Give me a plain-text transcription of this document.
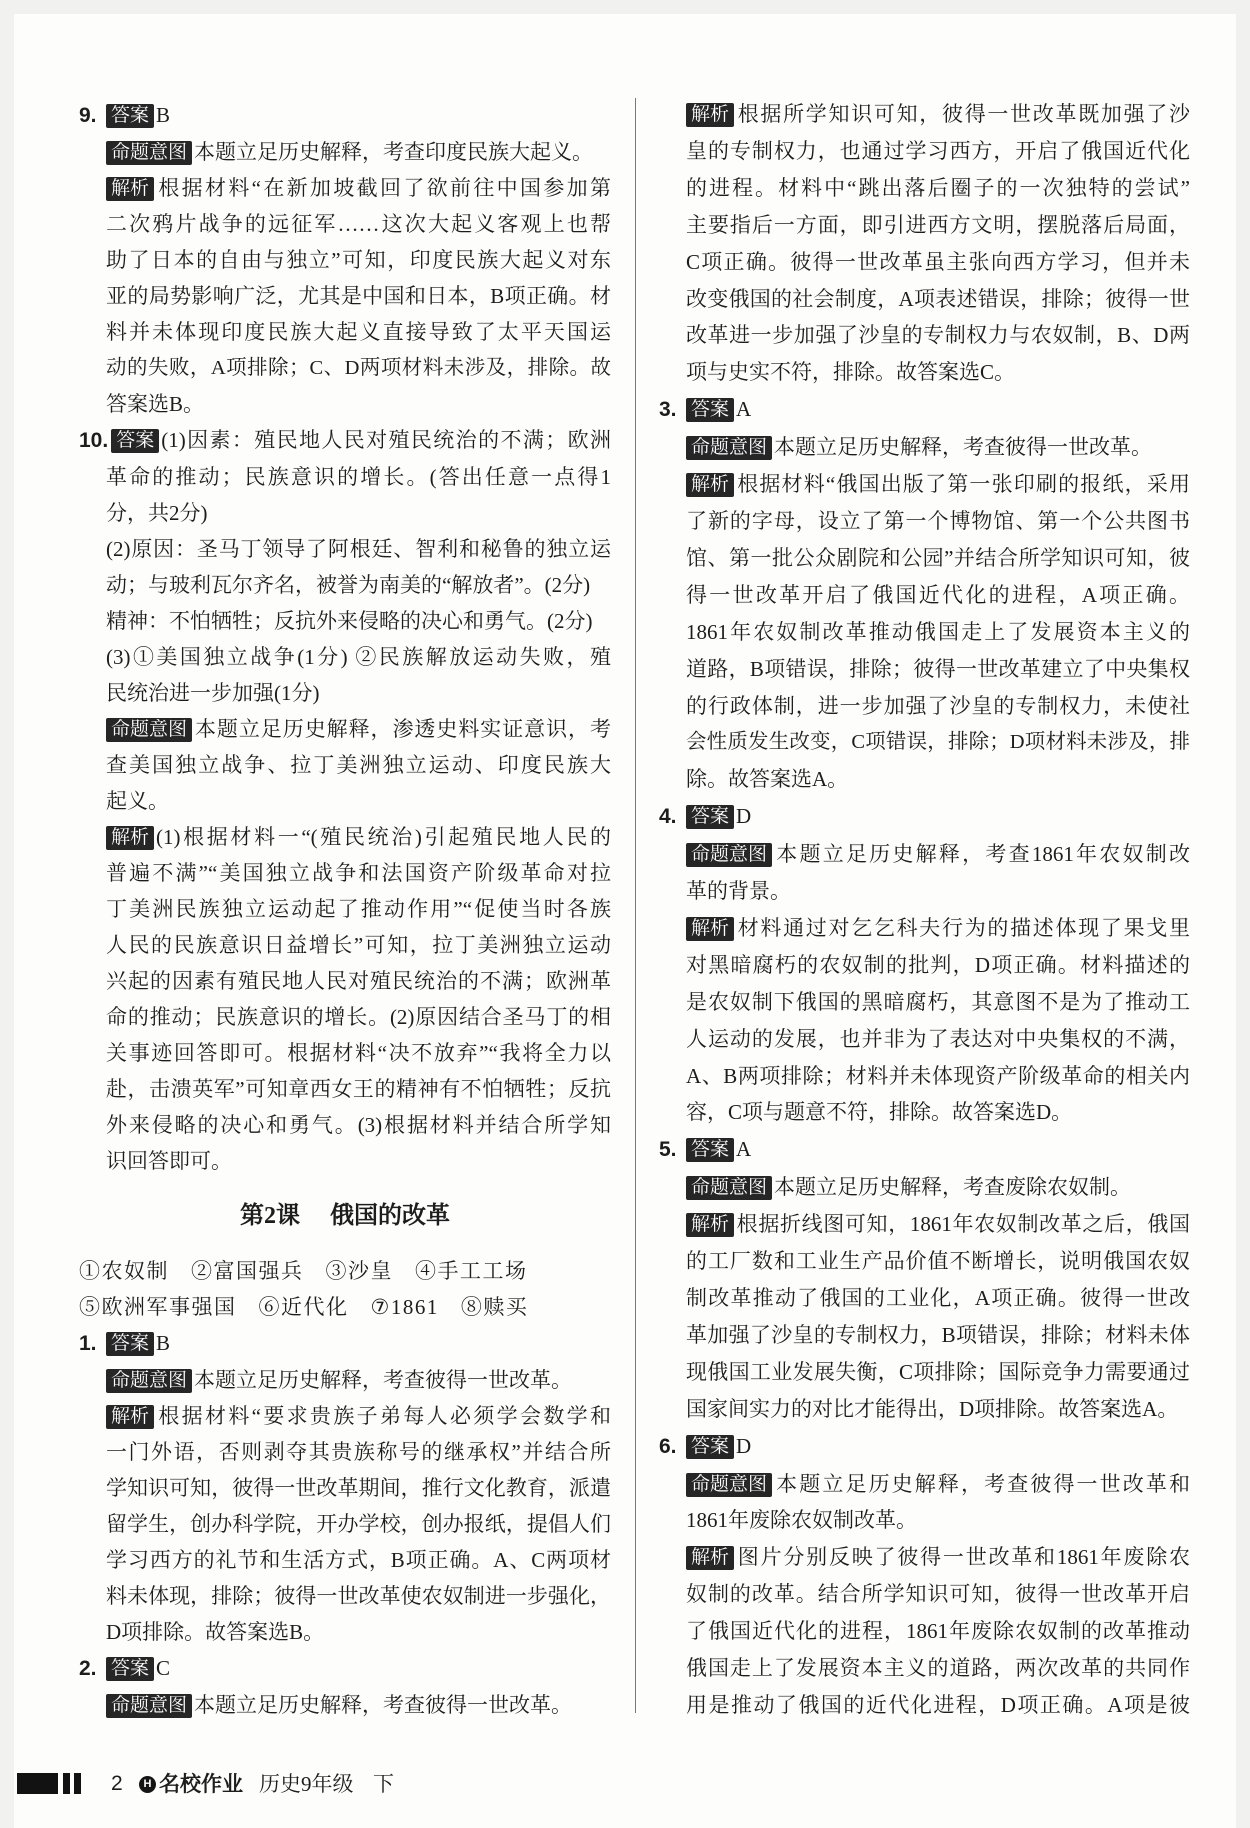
9. 答案 B
命题意图 本题立足历史解释，考查印度民族大起义。
解析 根据材料“在新加坡截回了欲前往中国参加第
二次鸦片战争的远征军……这次大起义客观上也帮
助了日本的自由与独立”可知，印度民族大起义对东
亚的局势影响广泛，尤其是中国和日本，B项正确。材
料并未体现印度民族大起义直接导致了太平天国运
动的失败，A项排除；C、D两项材料未涉及，排除。故
答案选B。
10. 答案 (1)因素：殖民地人民对殖民统治的不满；欧洲
革命的推动；民族意识的增长。(答出任意一点得1
分，共2分)
(2)原因：圣马丁领导了阿根廷、智利和秘鲁的独立运
动；与玻利瓦尔齐名，被誉为南美的“解放者”。(2分)
精神：不怕牺牲；反抗外来侵略的决心和勇气。(2分)
(3)①美国独立战争(1分) ②民族解放运动失败，殖
民统治进一步加强(1分)
命题意图 本题立足历史解释，渗透史料实证意识，考
查美国独立战争、拉丁美洲独立运动、印度民族大
起义。
解析 (1)根据材料一“(殖民统治)引起殖民地人民的
普遍不满”“美国独立战争和法国资产阶级革命对拉
丁美洲民族独立运动起了推动作用”“促使当时各族
人民的民族意识日益增长”可知，拉丁美洲独立运动
兴起的因素有殖民地人民对殖民统治的不满；欧洲革
命的推动；民族意识的增长。(2)原因结合圣马丁的相
关事迹回答即可。根据材料“决不放弃”“我将全力以
赴，击溃英军”可知章西女王的精神有不怕牺牲；反抗
外来侵略的决心和勇气。(3)根据材料并结合所学知
识回答即可。
第2课 俄国的改革
①农奴制 ②富国强兵 ③沙皇 ④手工工场
⑤欧洲军事强国 ⑥近代化 ⑦1861 ⑧赎买
1. 答案 B
命题意图 本题立足历史解释，考查彼得一世改革。
解析 根据材料“要求贵族子弟每人必须学会数学和
一门外语，否则剥夺其贵族称号的继承权”并结合所
学知识可知，彼得一世改革期间，推行文化教育，派遣
留学生，创办科学院，开办学校，创办报纸，提倡人们
学习西方的礼节和生活方式，B项正确。A、C两项材
料未体现，排除；彼得一世改革使农奴制进一步强化，
D项排除。故答案选B。
2. 答案 C
命题意图 本题立足历史解释，考查彼得一世改革。
解析 根据所学知识可知，彼得一世改革既加强了沙
皇的专制权力，也通过学习西方，开启了俄国近代化
的进程。材料中“跳出落后圈子的一次独特的尝试”
主要指后一方面，即引进西方文明，摆脱落后局面，
C项正确。彼得一世改革虽主张向西方学习，但并未
改变俄国的社会制度，A项表述错误，排除；彼得一世
改革进一步加强了沙皇的专制权力与农奴制，B、D两
项与史实不符，排除。故答案选C。
3. 答案 A
命题意图 本题立足历史解释，考查彼得一世改革。
解析 根据材料“俄国出版了第一张印刷的报纸，采用
了新的字母，设立了第一个博物馆、第一个公共图书
馆、第一批公众剧院和公园”并结合所学知识可知，彼
得一世改革开启了俄国近代化的进程，A项正确。
1861年农奴制改革推动俄国走上了发展资本主义的
道路，B项错误，排除；彼得一世改革建立了中央集权
的行政体制，进一步加强了沙皇的专制权力，未使社
会性质发生改变，C项错误，排除；D项材料未涉及，排
除。故答案选A。
4. 答案 D
命题意图 本题立足历史解释，考查1861年农奴制改
革的背景。
解析 材料通过对乞乞科夫行为的描述体现了果戈里
对黑暗腐朽的农奴制的批判，D项正确。材料描述的
是农奴制下俄国的黑暗腐朽，其意图不是为了推动工
人运动的发展，也并非为了表达对中央集权的不满，
A、B两项排除；材料并未体现资产阶级革命的相关内
容，C项与题意不符，排除。故答案选D。
5. 答案 A
命题意图 本题立足历史解释，考查废除农奴制。
解析 根据折线图可知，1861年农奴制改革之后，俄国
的工厂数和工业生产品价值不断增长，说明俄国农奴
制改革推动了俄国的工业化，A项正确。彼得一世改
革加强了沙皇的专制权力，B项错误，排除；材料未体
现俄国工业发展失衡，C项排除；国际竞争力需要通过
国家间实力的对比才能得出，D项排除。故答案选A。
6. 答案 D
命题意图 本题立足历史解释，考查彼得一世改革和
1861年废除农奴制改革。
解析 图片分别反映了彼得一世改革和1861年废除农
奴制的改革。结合所学知识可知，彼得一世改革开启
了俄国近代化的进程，1861年废除农奴制的改革推动
俄国走上了发展资本主义的道路，两次改革的共同作
用是推动了俄国的近代化进程，D项正确。A项是彼
2	H 名校作业 历史9年级 下
